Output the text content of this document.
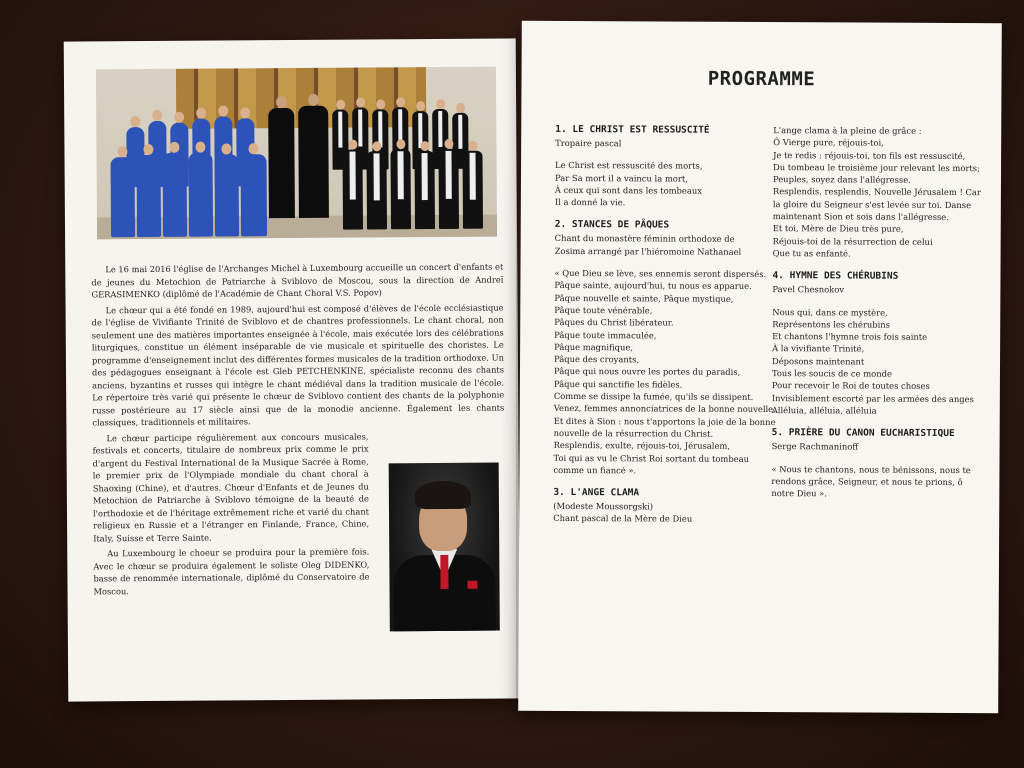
Le 16 mai 2016 l'église de l'Archanges Michel à Luxembourg accueille un concert d'enfants et de jeunes du Metochion de Patriarche à Sviblovo de Moscou, sous la direction de Andreï GERASIMENKO (diplômé de l'Académie de Chant Choral V.S. Popov)

Le chœur qui a été fondé en 1989, aujourd'hui est composé d'élèves de l'école ecclésiastique de l'église de Vivifiante Trinité de Sviblovo et de chantres professionnels. Le chant choral, non seulement une des matières importantes enseignée à l'école, mais exécutée lors des célébrations liturgiques, constitue un élément inséparable de vie musicale et spirituelle des choristes. Le programme d'enseignement inclut des différentes formes musicales de la tradition orthodoxe. Un des pédagogues enseignant à l'école est Gleb PETCHENKINE, spécialiste reconnu des chants anciens, byzantins et russes qui intègre le chant médiéval dans la tradition musicale de l'école. Le répertoire très varié qui présente le chœur de Sviblovo contient des chants de la polyphonie russe postérieure au 17 siècle ainsi que de la monodie ancienne. Également les chants classiques, traditionnels et militaires.

Le chœur participe régulièrement aux concours musicales, festivals et concerts, titulaire de nombreux prix comme le prix d'argent du Festival International de la Musique Sacrée à Rome, le premier prix de l'Olympiade mondiale du chant choral à Shaoxing (Chine), et d'autres. Chœur d'Enfants et de Jeunes du Metochion de Patriarche à Sviblovo témoigne de la beauté de l'orthodoxie et de l'héritage extrêmement riche et varié du chant religieux en Russie et a l'étranger en Finlande, France, Chine, Italy, Suisse et Terre Sainte.

Au Luxembourg le choeur se produira pour la première fois. Avec le chœur se produira également le soliste Oleg DIDENKO, basse de renommée internationale, diplômé du Conservatoire de Moscou.

PROGRAMME
1. LE CHRIST EST RESSUSCITÉ
Tropaire pascal
Le Christ est ressuscité des morts,
Par Sa mort il a vaincu la mort,
À ceux qui sont dans les tombeaux
Il a donné la vie.
2. STANCES DE PÂQUES
Chant du monastère féminin orthodoxe de
Zosima arrangé par l'hiéromoine Nathanael
« Que Dieu se lève, ses ennemis seront dispersés.
Pâque sainte, aujourd'hui, tu nous es apparue.
Pâque nouvelle et sainte, Pâque mystique,
Pâque toute vénérable,
Pâques du Christ libérateur.
Pâque toute immaculée,
Pâque magnifique,
Pâque des croyants,
Pâque qui nous ouvre les portes du paradis,
Pâque qui sanctifie les fidèles.
Comme se dissipe la fumée, qu'ils se dissipent.
Venez, femmes annonciatrices de la bonne nouvelle,
Et dites à Sion : nous t'apportons la joie de la bonne
nouvelle de la résurrection du Christ.
Resplendis, exulte, réjouis-toi, Jérusalem,
Toi qui as vu le Christ Roi sortant du tombeau
comme un fiancé ».
3. L'ANGE CLAMA
(Modeste Moussorgski)
Chant pascal de la Mère de Dieu
L'ange clama à la pleine de grâce :
Ô Vierge pure, réjouis-toi,
Je te redis : réjouis-toi, ton fils est ressuscité,
Du tombeau le troisième jour relevant les morts;
Peuples, soyez dans l'allégresse.
Resplendis, resplendis, Nouvelle Jérusalem ! Car
la gloire du Seigneur s'est levée sur toi. Danse
maintenant Sion et sois dans l'allégresse.
Et toi, Mère de Dieu très pure,
Réjouis-toi de la résurrection de celui
Que tu as enfanté.
4. HYMNE DES CHÉRUBINS
Pavel Chesnokov
Nous qui, dans ce mystère,
Représentons les chérubins
Et chantons l'hymne trois fois sainte
À la vivifiante Trinité,
Déposons maintenant
Tous les soucis de ce monde
Pour recevoir le Roi de toutes choses
Invisiblement escorté par les armées des anges
Alléluia, alléluia, alléluia
5. PRIÈRE DU CANON EUCHARISTIQUE
Serge Rachmaninoff
« Nous te chantons, nous te bénissons, nous te
rendons grâce, Seigneur, et nous te prions, ô
notre Dieu ».
